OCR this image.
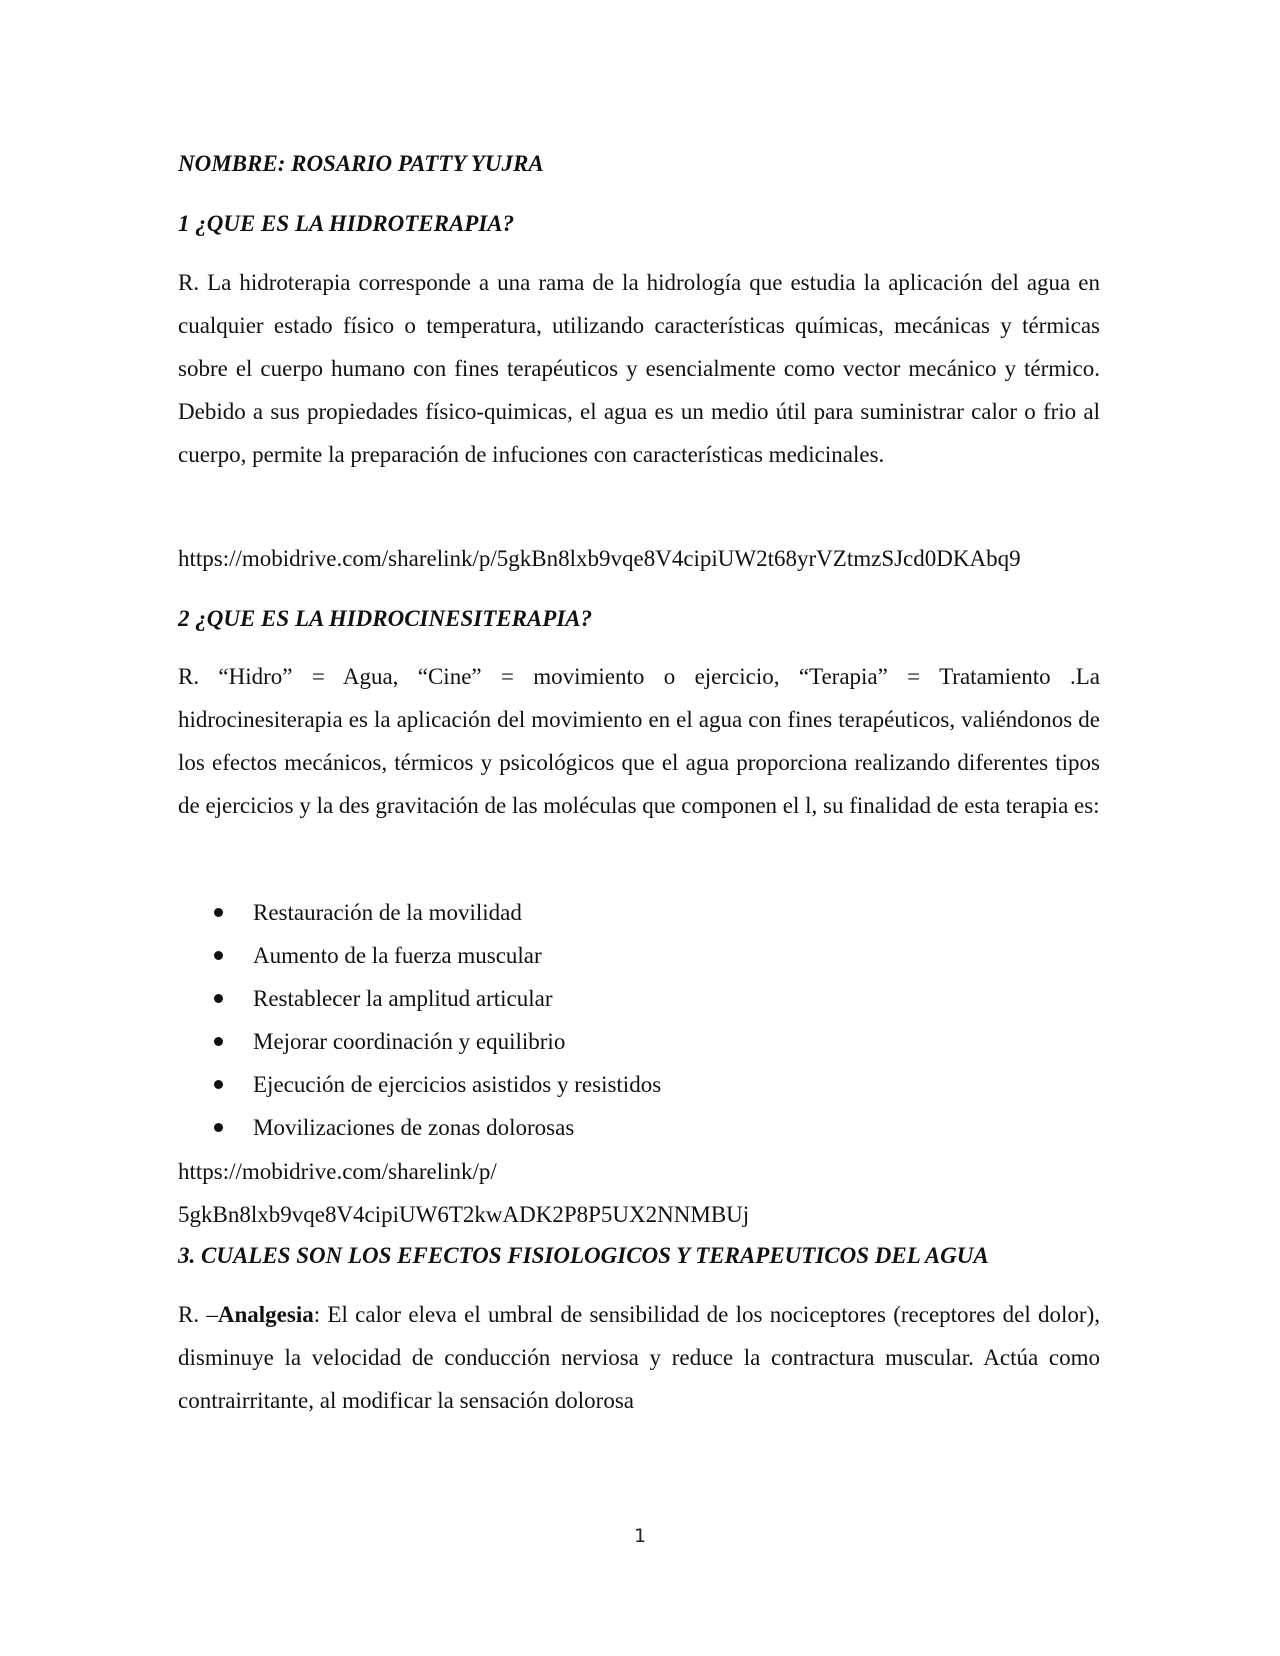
NOMBRE: ROSARIO PATTY YUJRA
1 ¿QUE ES LA HIDROTERAPIA?

R. La hidroterapia corresponde a una rama de la hidrología que estudia la aplicación del agua en cualquier estado físico o temperatura, utilizando características químicas, mecánicas y térmicas sobre el cuerpo humano con fines terapéuticos y esencialmente como vector mecánico y térmico. Debido a sus propiedades físico-quimicas, el agua es un medio útil para suministrar calor o frio al cuerpo, permite la preparación de infuciones con características medicinales.

https://mobidrive.com/sharelink/p/5gkBn8lxb9vqe8V4cipiUW2t68yrVZtmzSJcd0DKAbq9
2 ¿QUE ES LA HIDROCINESITERAPIA?

R. “Hidro” = Agua, “Cine” = movimiento o ejercicio, “Terapia” = Tratamiento .La hidrocinesiterapia es la aplicación del movimiento en el agua con fines terapéuticos, valiéndonos de los efectos mecánicos, térmicos y psicológicos que el agua proporciona realizando diferentes tipos de ejercicios y la des gravitación de las moléculas que componen el l, su finalidad de esta terapia es:

Restauración de la movilidad
Aumento de la fuerza muscular
Restablecer la amplitud articular
Mejorar coordinación y equilibrio
Ejecución de ejercicios asistidos y resistidos
Movilizaciones de zonas dolorosas
https://mobidrive.com/sharelink/p/
5gkBn8lxb9vqe8V4cipiUW6T2kwADK2P8P5UX2NNMBUj
3. CUALES SON LOS EFECTOS FISIOLOGICOS Y TERAPEUTICOS DEL AGUA

R. –Analgesia: El calor eleva el umbral de sensibilidad de los nociceptores (receptores del dolor), disminuye la velocidad de conducción nerviosa y reduce la contractura muscular. Actúa como contrairritante, al modificar la sensación dolorosa

1
